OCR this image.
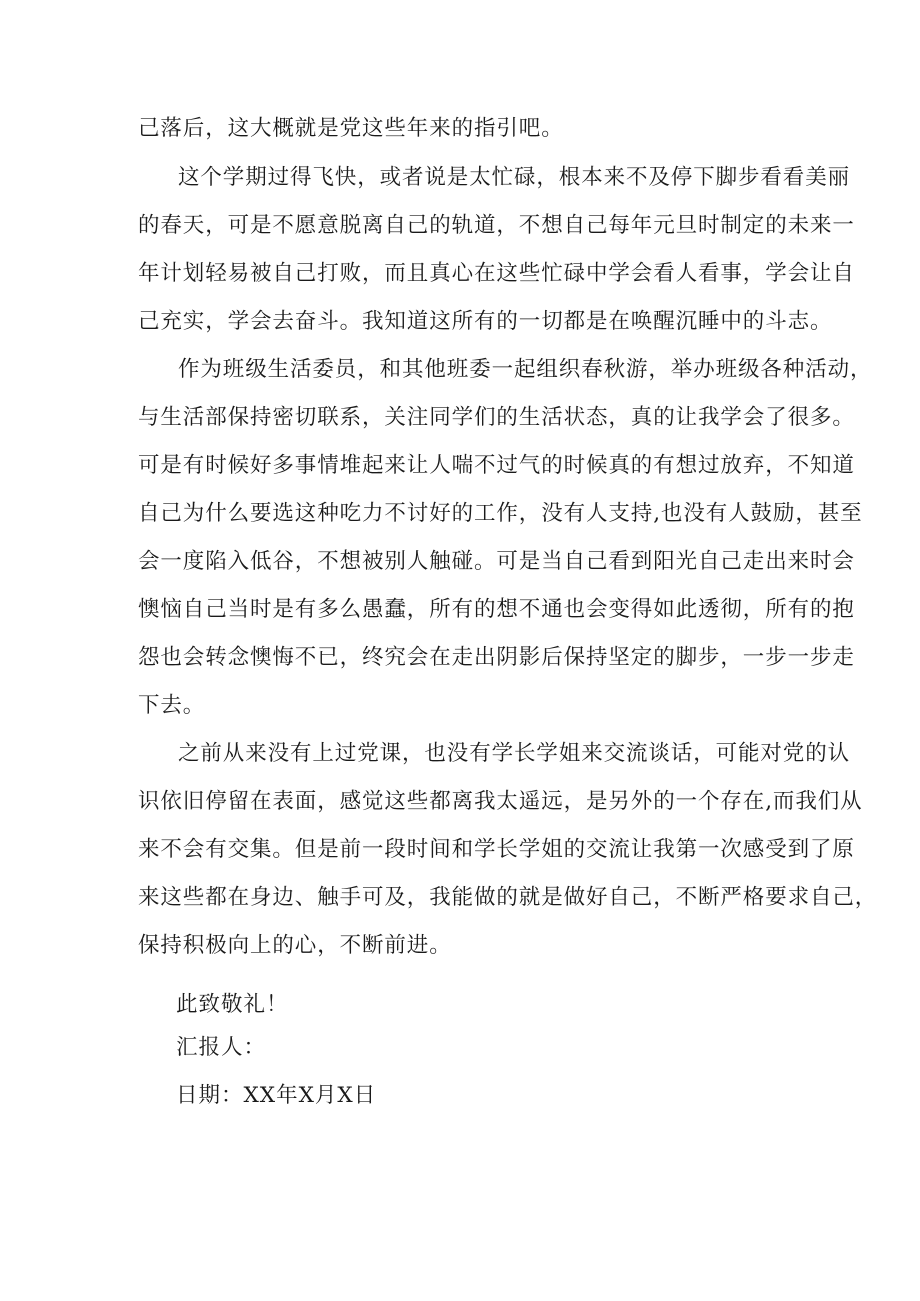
己落后，这大概就是党这些年来的指引吧。
这个学期过得飞快，或者说是太忙碌，根本来不及停下脚步看看美丽
的春天，可是不愿意脱离自己的轨道，不想自己每年元旦时制定的未来一
年计划轻易被自己打败，而且真心在这些忙碌中学会看人看事，学会让自
己充实，学会去奋斗。我知道这所有的一切都是在唤醒沉睡中的斗志。
作为班级生活委员，和其他班委一起组织春秋游，举办班级各种活动，
与生活部保持密切联系，关注同学们的生活状态，真的让我学会了很多。
可是有时候好多事情堆起来让人喘不过气的时候真的有想过放弃，不知道
自己为什么要选这种吃力不讨好的工作，没有人支持,也没有人鼓励，甚至
会一度陷入低谷，不想被别人触碰。可是当自己看到阳光自己走出来时会
懊恼自己当时是有多么愚蠢，所有的想不通也会变得如此透彻，所有的抱
怨也会转念懊悔不已，终究会在走出阴影后保持坚定的脚步，一步一步走
下去。
之前从来没有上过党课，也没有学长学姐来交流谈话，可能对党的认
识依旧停留在表面，感觉这些都离我太遥远，是另外的一个存在,而我们从
来不会有交集。但是前一段时间和学长学姐的交流让我第一次感受到了原
来这些都在身边、触手可及，我能做的就是做好自己，不断严格要求自己，
保持积极向上的心，不断前进。
此致敬礼！
汇报人：
日期：XX年X月X日
